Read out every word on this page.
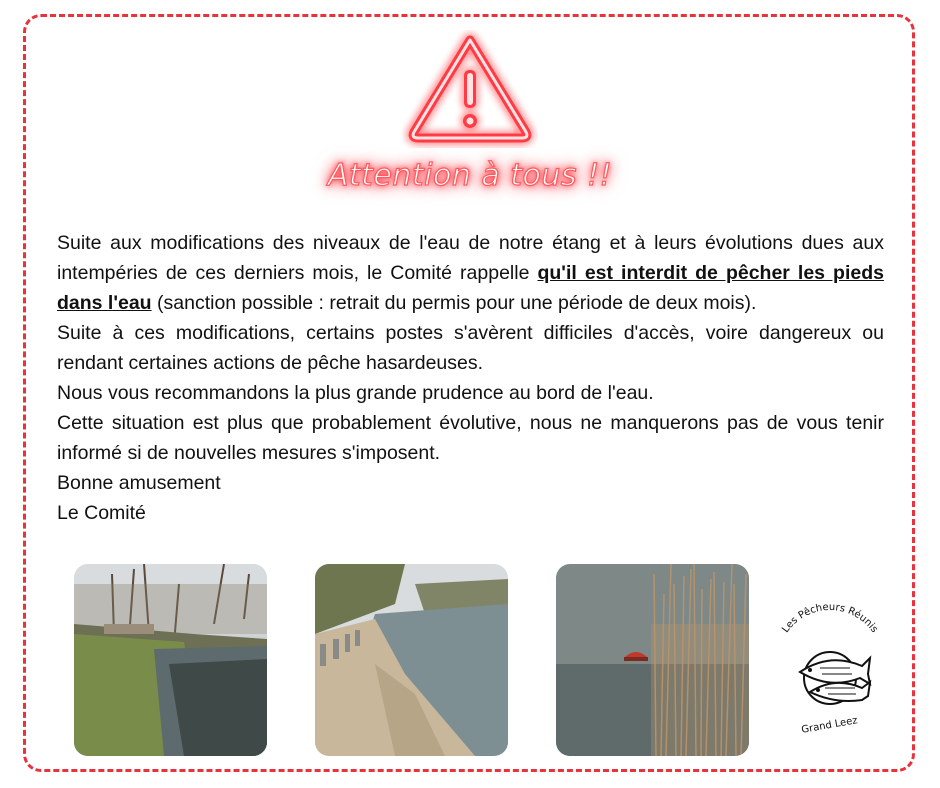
Attention à tous !!

Suite aux modifications des niveaux de l'eau de notre étang et à leurs évolutions dues aux intempéries de ces derniers mois, le Comité rappelle qu'il est interdit de pêcher les pieds dans l'eau (sanction possible : retrait du permis pour une période de deux mois).

Suite à ces modifications, certains postes s'avèrent difficiles d'accès, voire dangereux ou rendant certaines actions de pêche hasardeuses.

Nous vous recommandons la plus grande prudence au bord de l'eau.

Cette situation est plus que probablement évolutive, nous ne manquerons pas de vous tenir informé si de nouvelles mesures s'imposent.

Bonne amusement

Le Comité

Les Pêcheurs Réunis
Grand Leez
